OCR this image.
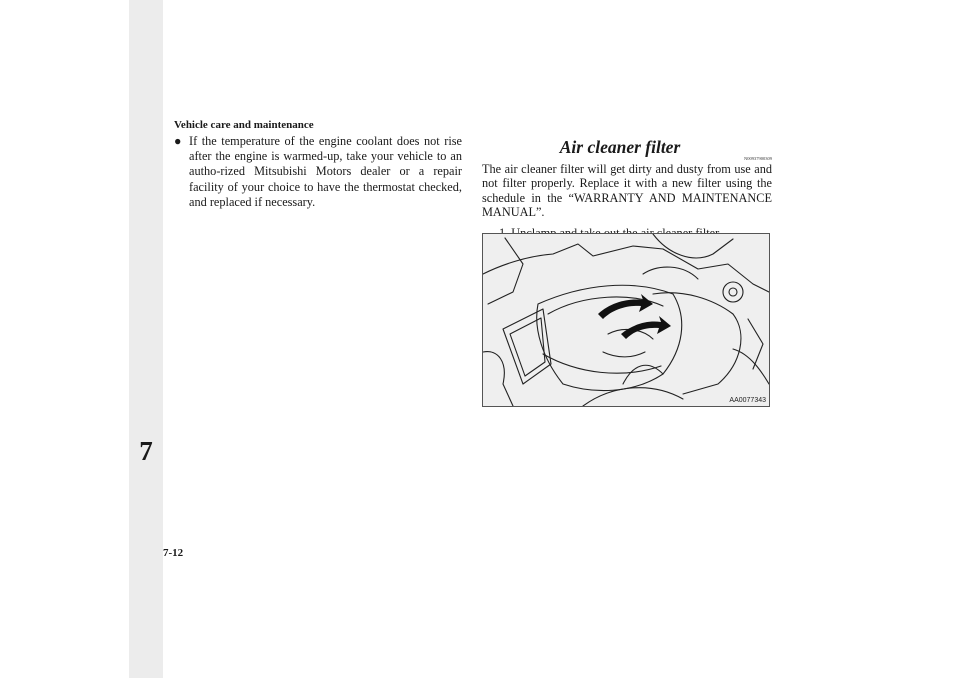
7
Vehicle care and maintenance
● If the temperature of the engine coolant does not rise after the engine is warmed-up, take your vehicle to an autho-rized Mitsubishi Motors dealer or a repair facility of your choice to have the thermostat checked, and replaced if necessary.
Air cleaner filter
N00937900309
The air cleaner filter will get dirty and dusty from use and not filter properly. Replace it with a new filter using the schedule in the “WARRANTY AND MAINTENANCE MANUAL”.
AA0077343
7-12
